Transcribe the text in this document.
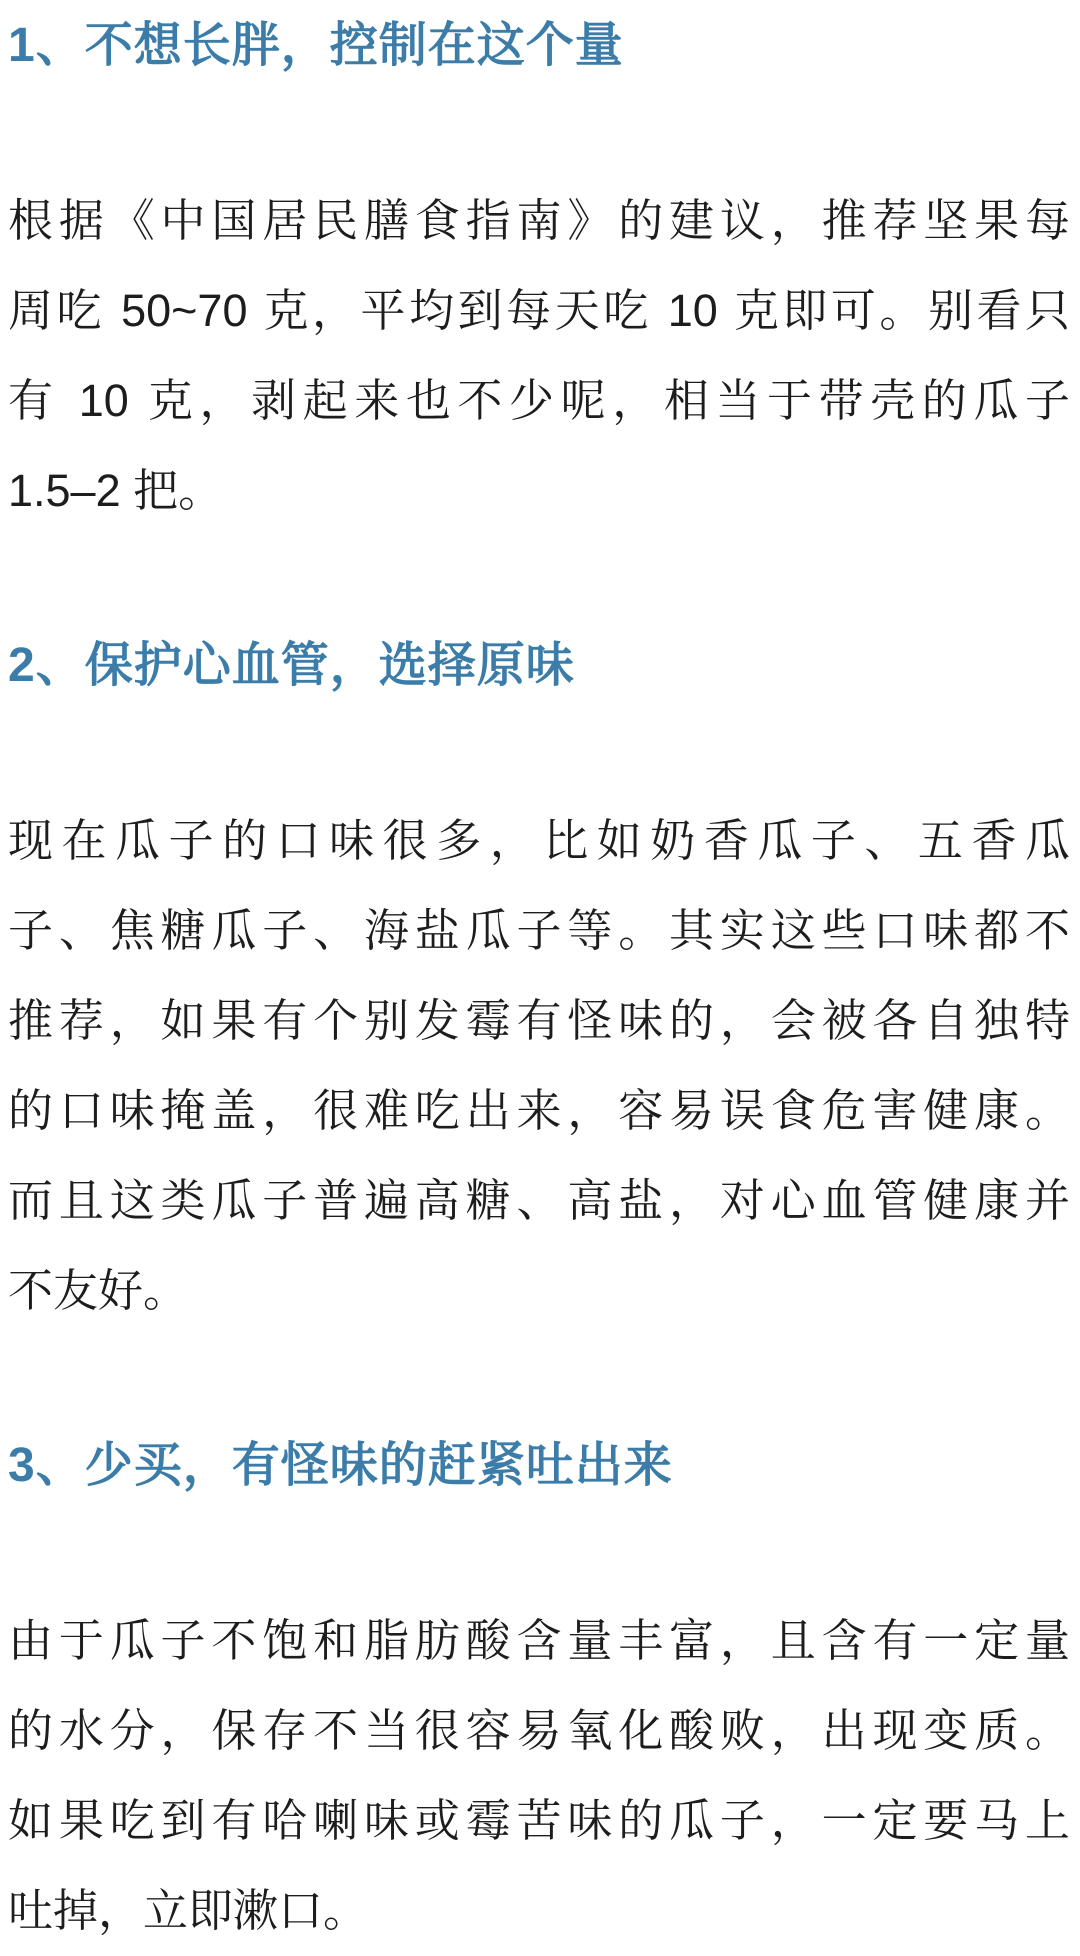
1、不想长胖，控制在这个量
根据《中国居民膳食指南》的建议，推荐坚果每
周吃 50~70 克，平均到每天吃 10 克即可。别看只
有 10 克，剥起来也不少呢，相当于带壳的瓜子
1.5–2 把。
2、保护心血管，选择原味
现在瓜子的口味很多，比如奶香瓜子、五香瓜
子、焦糖瓜子、海盐瓜子等。其实这些口味都不
推荐，如果有个别发霉有怪味的，会被各自独特
的口味掩盖，很难吃出来，容易误食危害健康。
而且这类瓜子普遍高糖、高盐，对心血管健康并
不友好。
3、少买，有怪味的赶紧吐出来
由于瓜子不饱和脂肪酸含量丰富，且含有一定量
的水分，保存不当很容易氧化酸败，出现变质。
如果吃到有哈喇味或霉苦味的瓜子，一定要马上
吐掉，立即漱口。
